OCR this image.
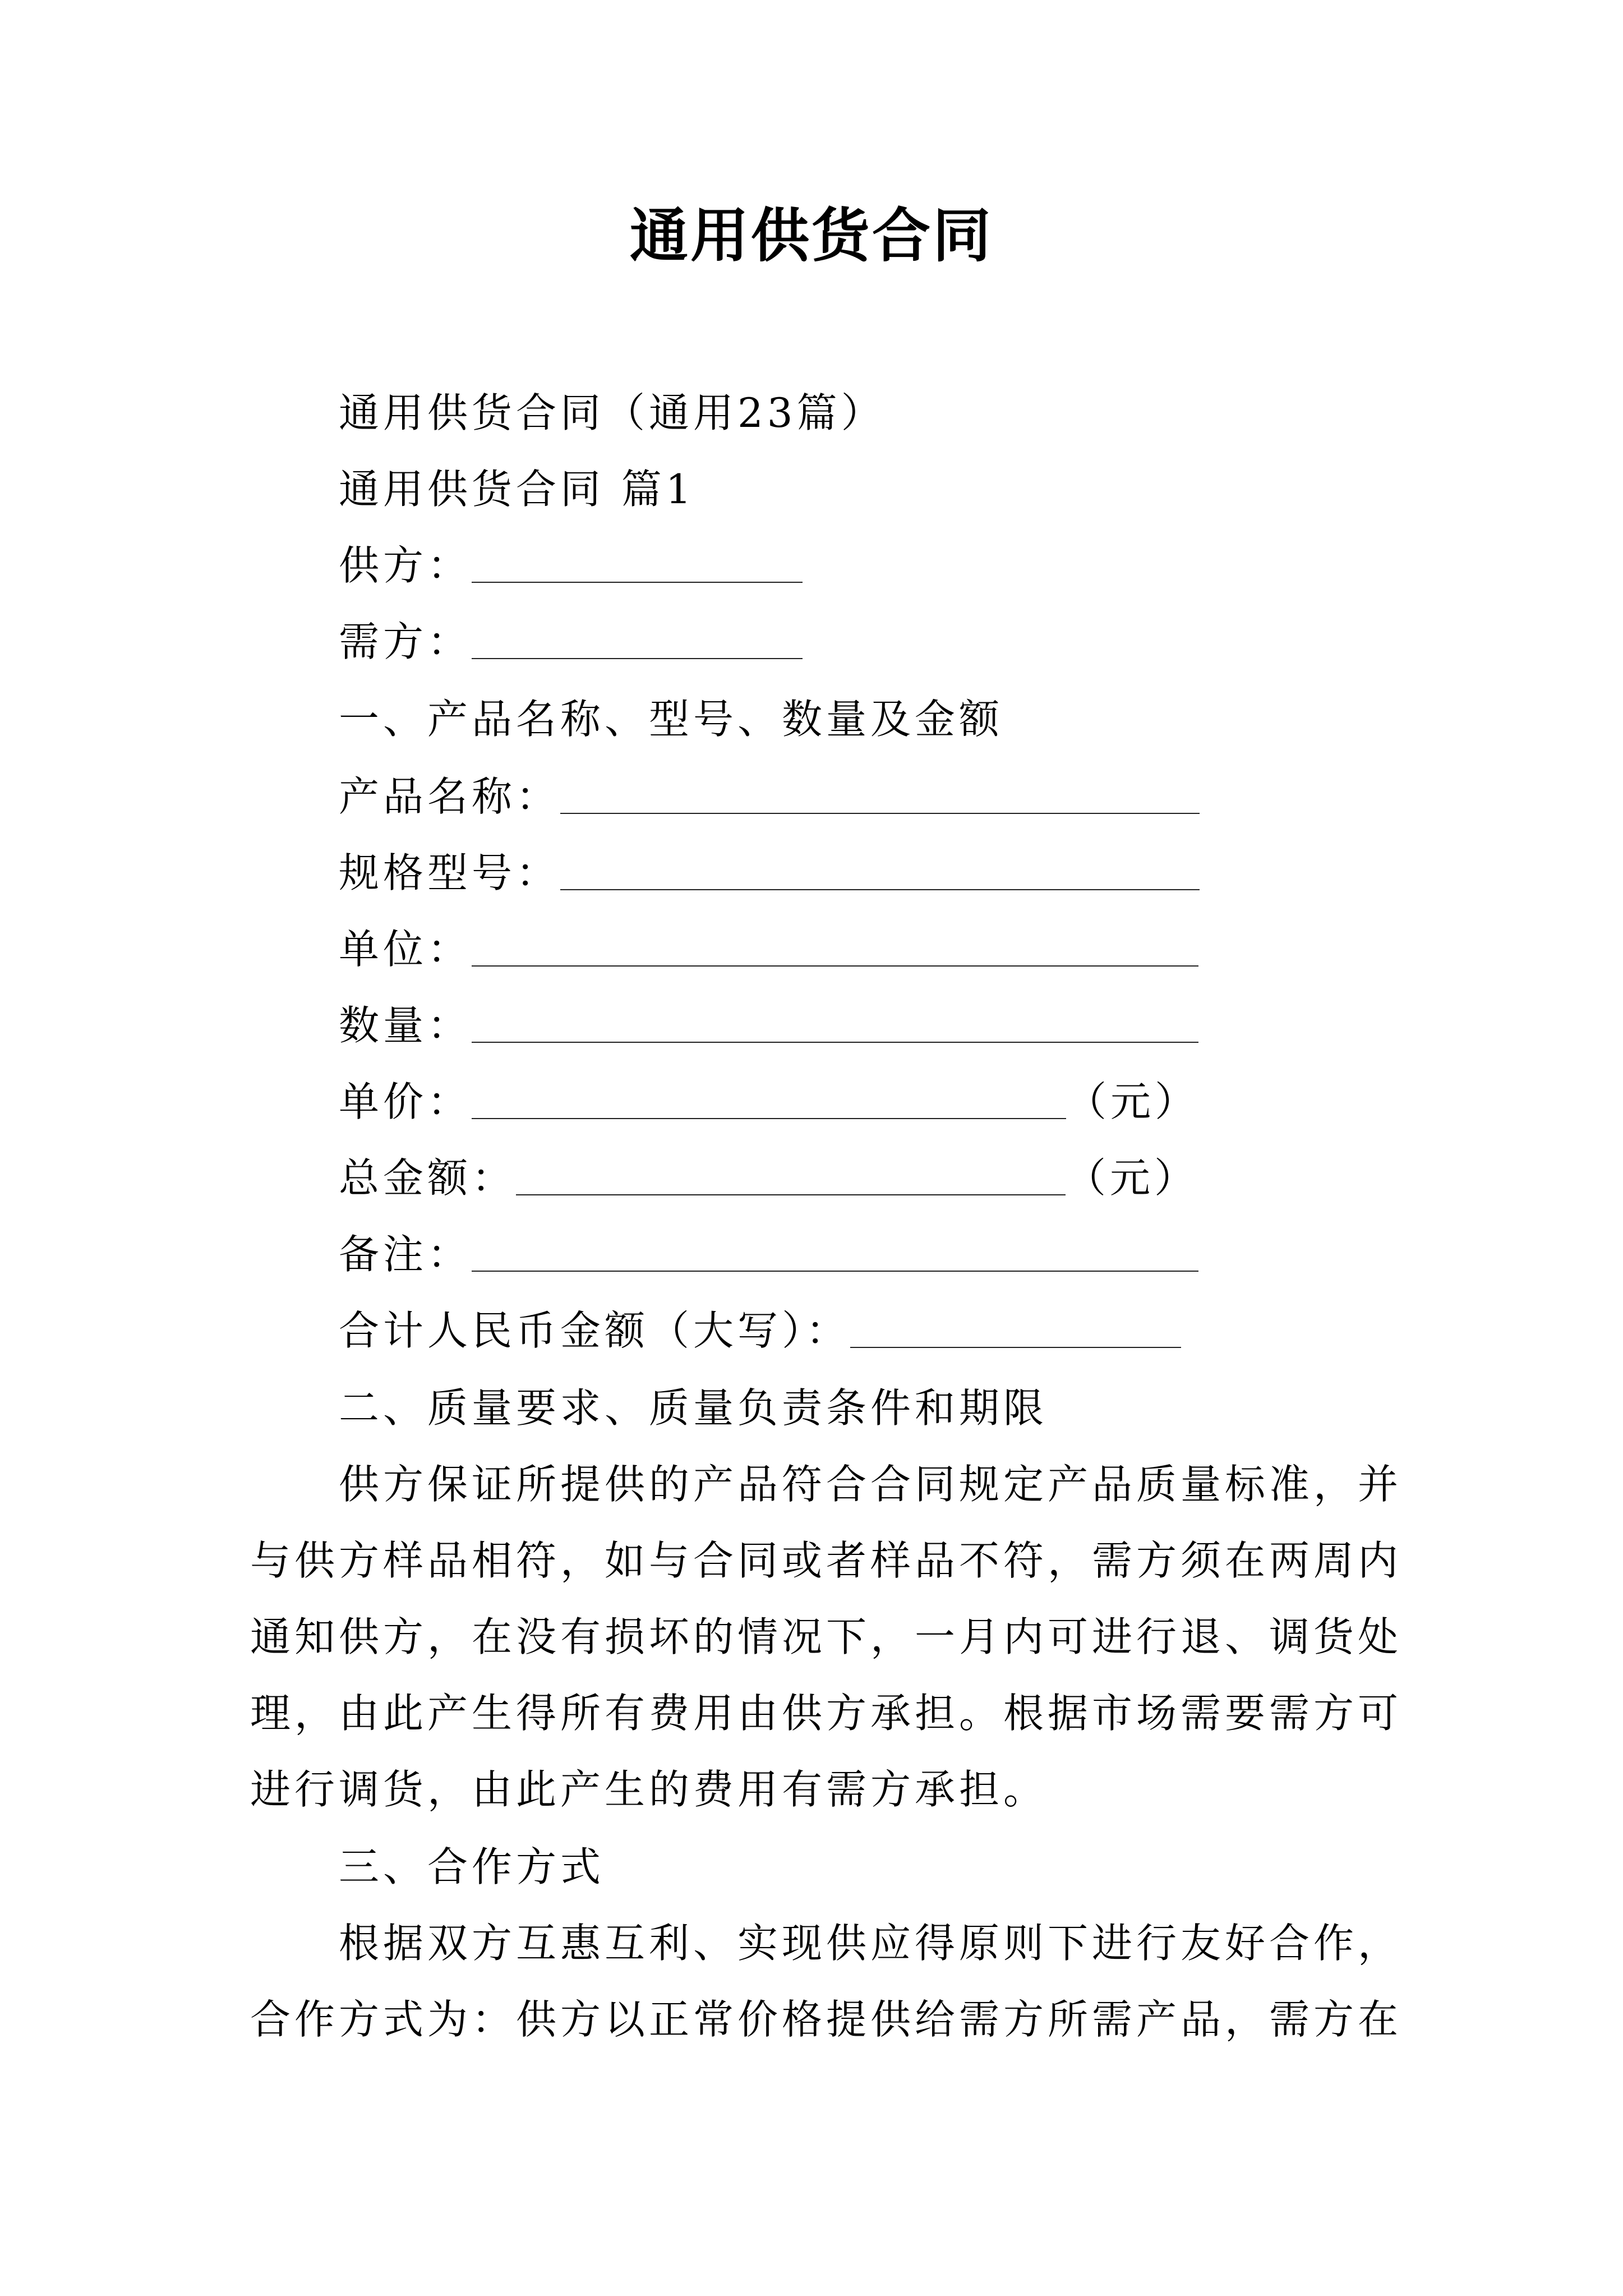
通用供货合同
通用供货合同（通用23篇）
通用供货合同 篇1
供方：
需方：
一、产品名称、型号、数量及金额
产品名称：
规格型号：
单位：
数量：
单价：	（元）
总金额：	（元）
备注：
合计人民币金额（大写）：
二、质量要求、质量负责条件和期限
供方保证所提供的产品符合合同规定产品质量标准，并
与供方样品相符，如与合同或者样品不符，需方须在两周内
通知供方，在没有损坏的情况下，一月内可进行退、调货处
理，由此产生得所有费用由供方承担。根据市场需要需方可
进行调货，由此产生的费用有需方承担。
三、合作方式
根据双方互惠互利、实现供应得原则下进行友好合作，
合作方式为：供方以正常价格提供给需方所需产品，需方在
